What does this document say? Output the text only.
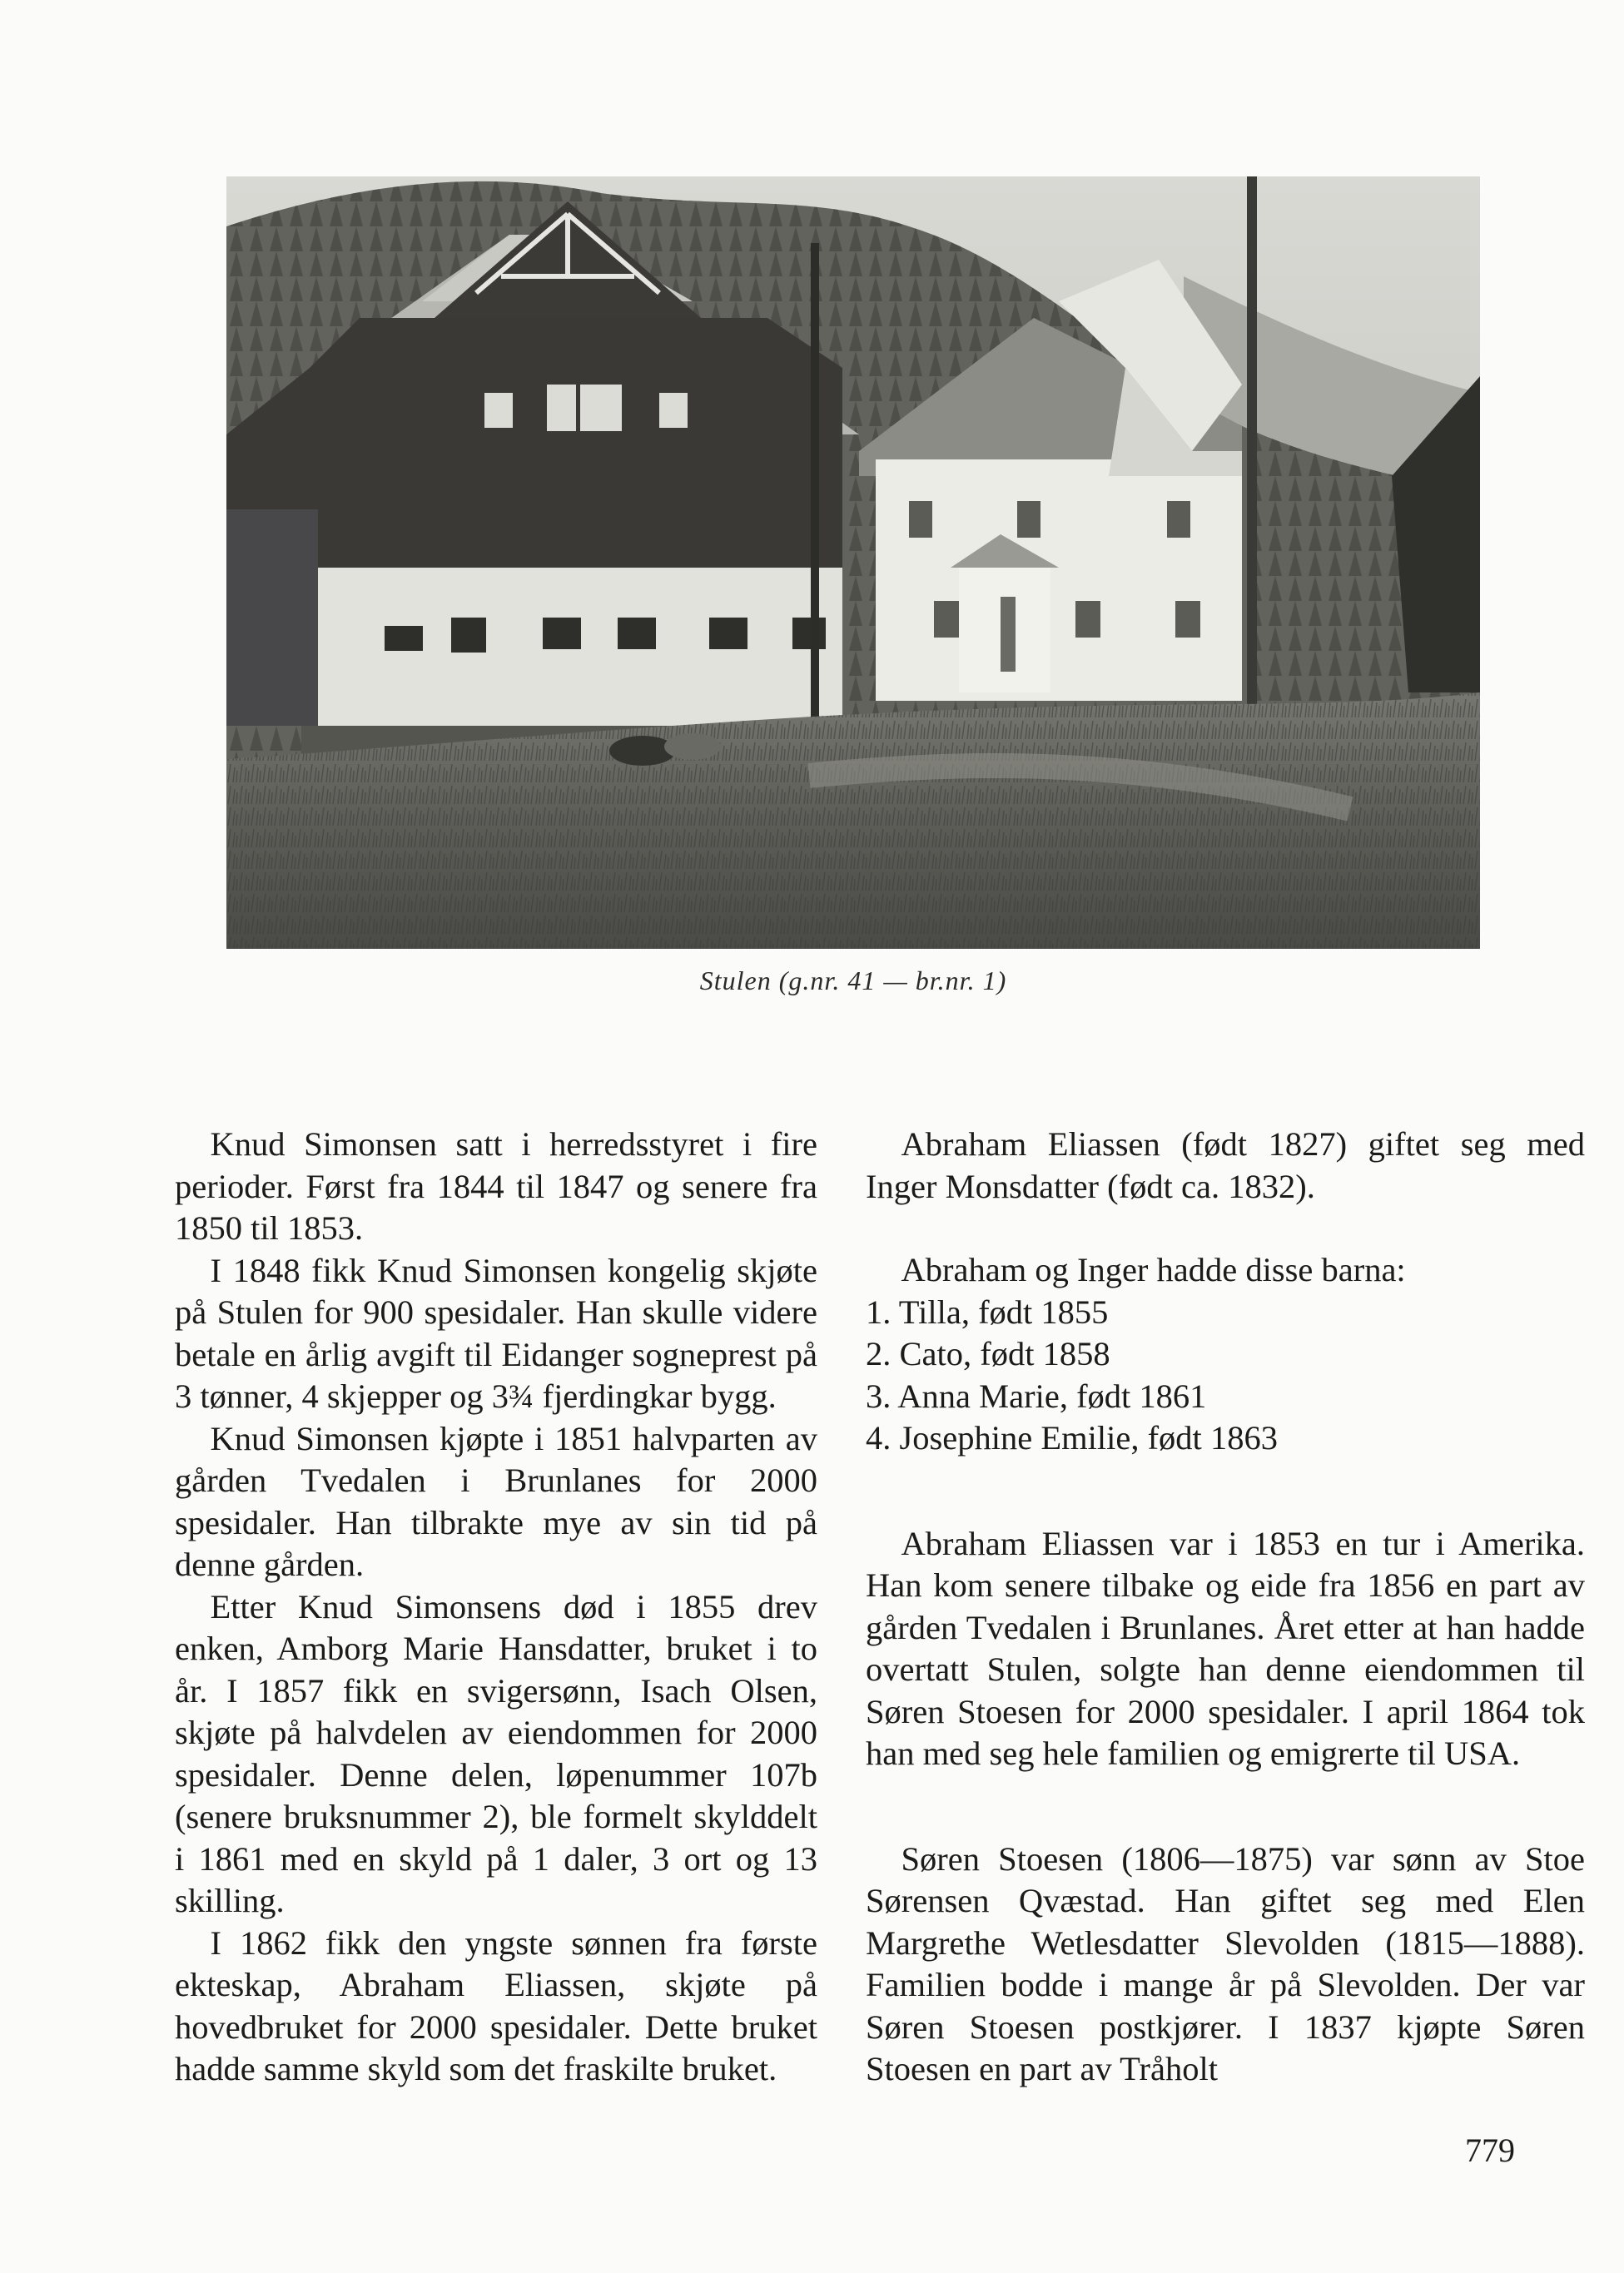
Stulen (g.nr. 41 — br.nr. 1)

Knud Simonsen satt i herredsstyret i fire perioder. Først fra 1844 til 1847 og senere fra 1850 til 1853.

I 1848 fikk Knud Simonsen kongelig skjøte på Stulen for 900 spesidaler. Han skulle videre betale en årlig avgift til Eidanger sogneprest på 3 tønner, 4 skjepper og 3¾ fjerdingkar bygg.

Knud Simonsen kjøpte i 1851 halvparten av gården Tvedalen i Brunlanes for 2000 spesidaler. Han tilbrakte mye av sin tid på denne gården.

Etter Knud Simonsens død i 1855 drev enken, Amborg Marie Hansdatter, bruket i to år. I 1857 fikk en svigersønn, Isach Olsen, skjøte på halvdelen av eiendommen for 2000 spesidaler. Denne delen, løpenummer 107b (senere bruksnummer 2), ble formelt skylddelt i 1861 med en skyld på 1 daler, 3 ort og 13 skilling.

I 1862 fikk den yngste sønnen fra første ekteskap, Abraham Eliassen, skjøte på hovedbruket for 2000 spesidaler. Dette bruket hadde samme skyld som det fraskilte bruket.

Abraham Eliassen (født 1827) giftet seg med Inger Monsdatter (født ca. 1832).

Abraham og Inger hadde disse barna:

1. Tilla, født 1855
2. Cato, født 1858
3. Anna Marie, født 1861
4. Josephine Emilie, født 1863

Abraham Eliassen var i 1853 en tur i Amerika. Han kom senere tilbake og eide fra 1856 en part av gården Tvedalen i Brunlanes. Året etter at han hadde overtatt Stulen, solgte han denne eiendommen til Søren Stoesen for 2000 spesidaler. I april 1864 tok han med seg hele familien og emigrerte til USA.

Søren Stoesen (1806—1875) var sønn av Stoe Sørensen Qvæstad. Han giftet seg med Elen Margrethe Wetlesdatter Slevolden (1815—1888). Familien bodde i mange år på Slevolden. Der var Søren Stoesen postkjører. I 1837 kjøpte Søren Stoesen en part av Tråholt

779
